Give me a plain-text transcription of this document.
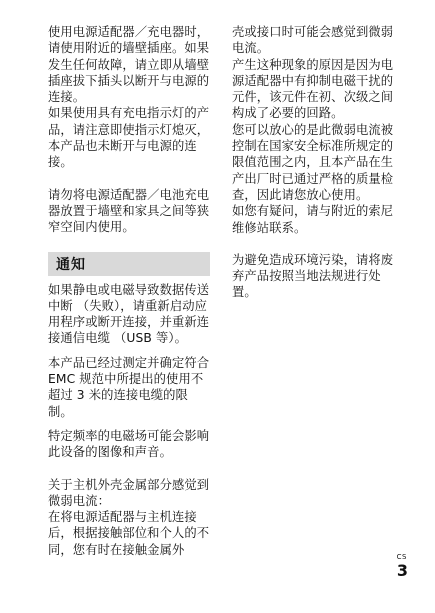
使用电源适配器／充电器时，请使用附近的墙壁插座。如果发生任何故障，请立即从墙壁插座拔下插头以断开与电源的连接。

如果使用具有充电指示灯的产品，请注意即使指示灯熄灭，本产品也未断开与电源的连接。

请勿将电源适配器／电池充电器放置于墙壁和家具之间等狭窄空间内使用。

通知

如果静电或电磁导致数据传送中断 （失败），请重新启动应用程序或断开连接，并重新连接通信电缆 （USB 等）。

本产品已经过测定并确定符合 EMC 规范中所提出的使用不超过 3 米的连接电缆的限制。

特定频率的电磁场可能会影响此设备的图像和声音。

关于主机外壳金属部分感觉到微弱电流：

在将电源适配器与主机连接后，根据接触部位和个人的不同，您有时在接触金属外

壳或接口时可能会感觉到微弱电流。

产生这种现象的原因是因为电源适配器中有抑制电磁干扰的元件，该元件在初、次级之间构成了必要的回路。

您可以放心的是此微弱电流被控制在国家安全标准所规定的限值范围之内，且本产品在生产出厂时已通过严格的质量检查，因此请您放心使用。

如您有疑问，请与附近的索尼维修站联系。

为避免造成环境污染，请将废弃产品按照当地法规进行处置。

CS
3
